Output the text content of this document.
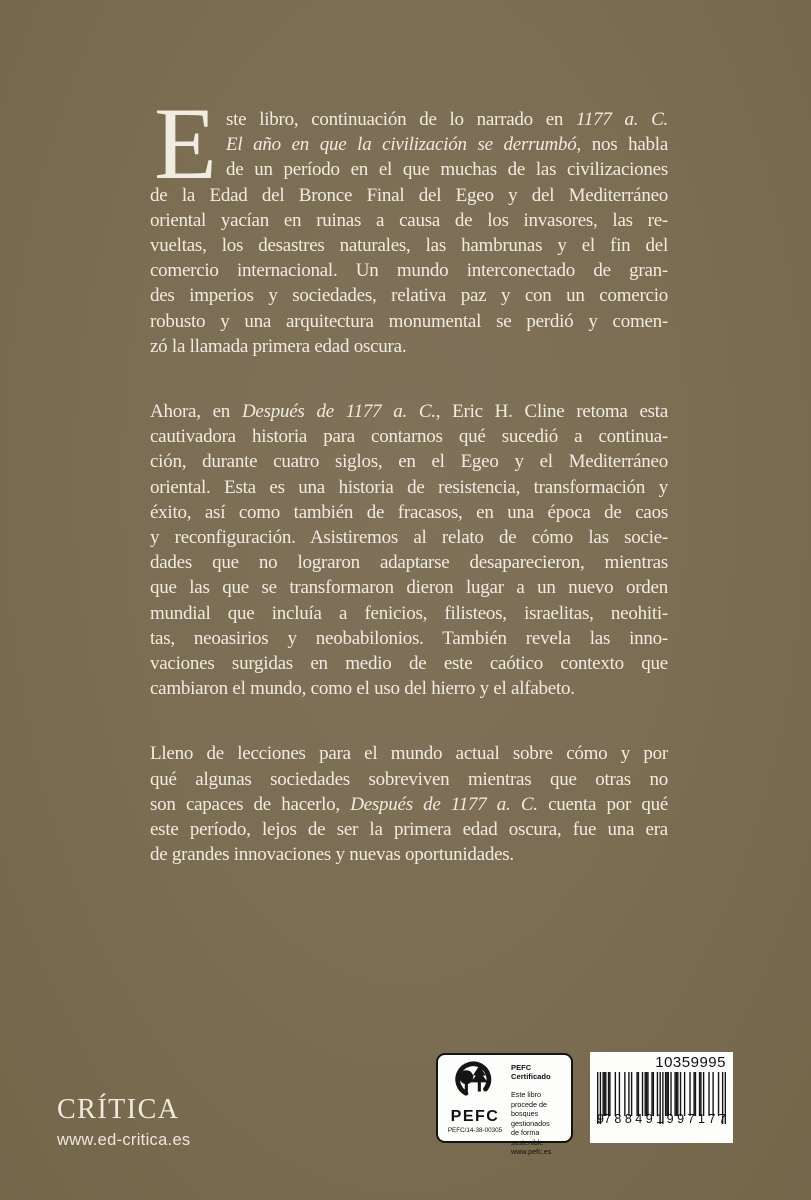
E ste libro, continuación de lo narrado en 1177 a. C.
El año en que la civilización se derrumbó, nos habla
de un período en el que muchas de las civilizaciones
de la Edad del Bronce Final del Egeo y del Mediterráneo
oriental yacían en ruinas a causa de los invasores, las re-
vueltas, los desastres naturales, las hambrunas y el fin del
comercio internacional. Un mundo interconectado de gran-
des imperios y sociedades, relativa paz y con un comercio
robusto y una arquitectura monumental se perdió y comen-
zó la llamada primera edad oscura.
Ahora, en Después de 1177 a. C., Eric H. Cline retoma esta
cautivadora historia para contarnos qué sucedió a continua-
ción, durante cuatro siglos, en el Egeo y el Mediterráneo
oriental. Esta es una historia de resistencia, transformación y
éxito, así como también de fracasos, en una época de caos
y reconfiguración. Asistiremos al relato de cómo las socie-
dades que no lograron adaptarse desaparecieron, mientras
que las que se transformaron dieron lugar a un nuevo orden
mundial que incluía a fenicios, filisteos, israelitas, neohiti-
tas, neoasirios y neobabilonios. También revela las inno-
vaciones surgidas en medio de este caótico contexto que
cambiaron el mundo, como el uso del hierro y el alfabeto.
Lleno de lecciones para el mundo actual sobre cómo y por
qué algunas sociedades sobreviven mientras que otras no
son capaces de hacerlo, Después de 1177 a. C. cuenta por qué
este período, lejos de ser la primera edad oscura, fue una era
de grandes innovaciones y nuevas oportunidades.
CRÍTICA
www.ed-critica.es
PEFC
PEFC/14-38-00305
PEFC Certificado
Este libro procede de
bosques gestionados
de forma sostenible
www.pefc.es
10359995
9 788491 997177
